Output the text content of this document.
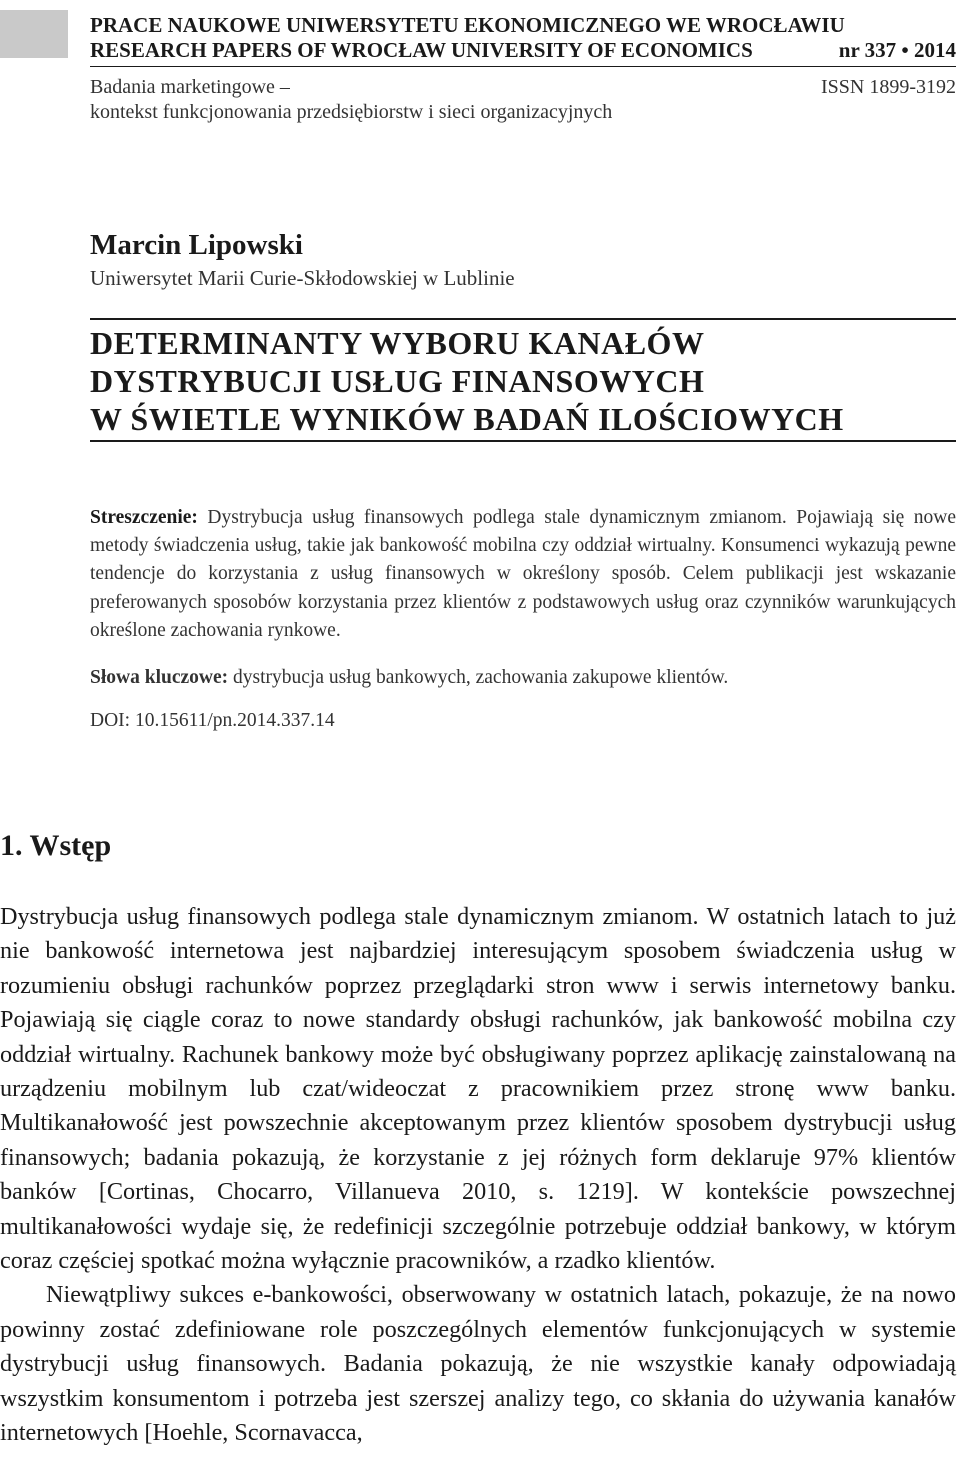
PRACE NAUKOWE UNIWERSYTETU EKONOMICZNEGO WE WROCŁAWIU
RESEARCH PAPERS OF WROCŁAW UNIVERSITY OF ECONOMICS	nr 337 • 2014
Badania marketingowe –	ISSN 1899-3192
kontekst funkcjonowania przedsiębiorstw i sieci organizacyjnych
Marcin Lipowski
Uniwersytet Marii Curie-Skłodowskiej w Lublinie
DETERMINANTY WYBORU KANAŁÓW
DYSTRYBUCJI USŁUG FINANSOWYCH
W ŚWIETLE WYNIKÓW BADAŃ ILOŚCIOWYCH
Streszczenie: Dystrybucja usług finansowych podlega stale dynamicznym zmianom. Pojawiają się nowe metody świadczenia usług, takie jak bankowość mobilna czy oddział wirtualny. Konsumenci wykazują pewne tendencje do korzystania z usług finansowych w określony sposób. Celem publikacji jest wskazanie preferowanych sposobów korzystania przez klientów z podstawowych usług oraz czynników warunkujących określone zachowania rynkowe.
Słowa kluczowe: dystrybucja usług bankowych, zachowania zakupowe klientów.
DOI: 10.15611/pn.2014.337.14
1. Wstęp

Dystrybucja usług finansowych podlega stale dynamicznym zmianom. W ostatnich latach to już nie bankowość internetowa jest najbardziej interesującym sposobem świadczenia usług w rozumieniu obsługi rachunków poprzez przeglądarki stron www i serwis internetowy banku. Pojawiają się ciągle coraz to nowe standardy obsługi rachunków, jak bankowość mobilna czy oddział wirtualny. Rachunek bankowy może być obsługiwany poprzez aplikację zainstalowaną na urządzeniu mobilnym lub czat/wideoczat z pracownikiem przez stronę www banku. Multikanałowość jest powszechnie akceptowanym przez klientów sposobem dystrybucji usług finansowych; badania pokazują, że korzystanie z jej różnych form deklaruje 97% klientów banków [Cortinas, Chocarro, Villanueva 2010, s. 1219]. W kontekście powszechnej multikanałowości wydaje się, że redefinicji szczególnie potrzebuje oddział bankowy, w którym coraz częściej spotkać można wyłącznie pracowników, a rzadko klientów.

Niewątpliwy sukces e-bankowości, obserwowany w ostatnich latach, pokazuje, że na nowo powinny zostać zdefiniowane role poszczególnych elementów funkcjonujących w systemie dystrybucji usług finansowych. Badania pokazują, że nie wszystkie kanały odpowiadają wszystkim konsumentom i potrzeba jest szerszej analizy tego, co skłania do używania kanałów internetowych [Hoehle, Scornavacca,
